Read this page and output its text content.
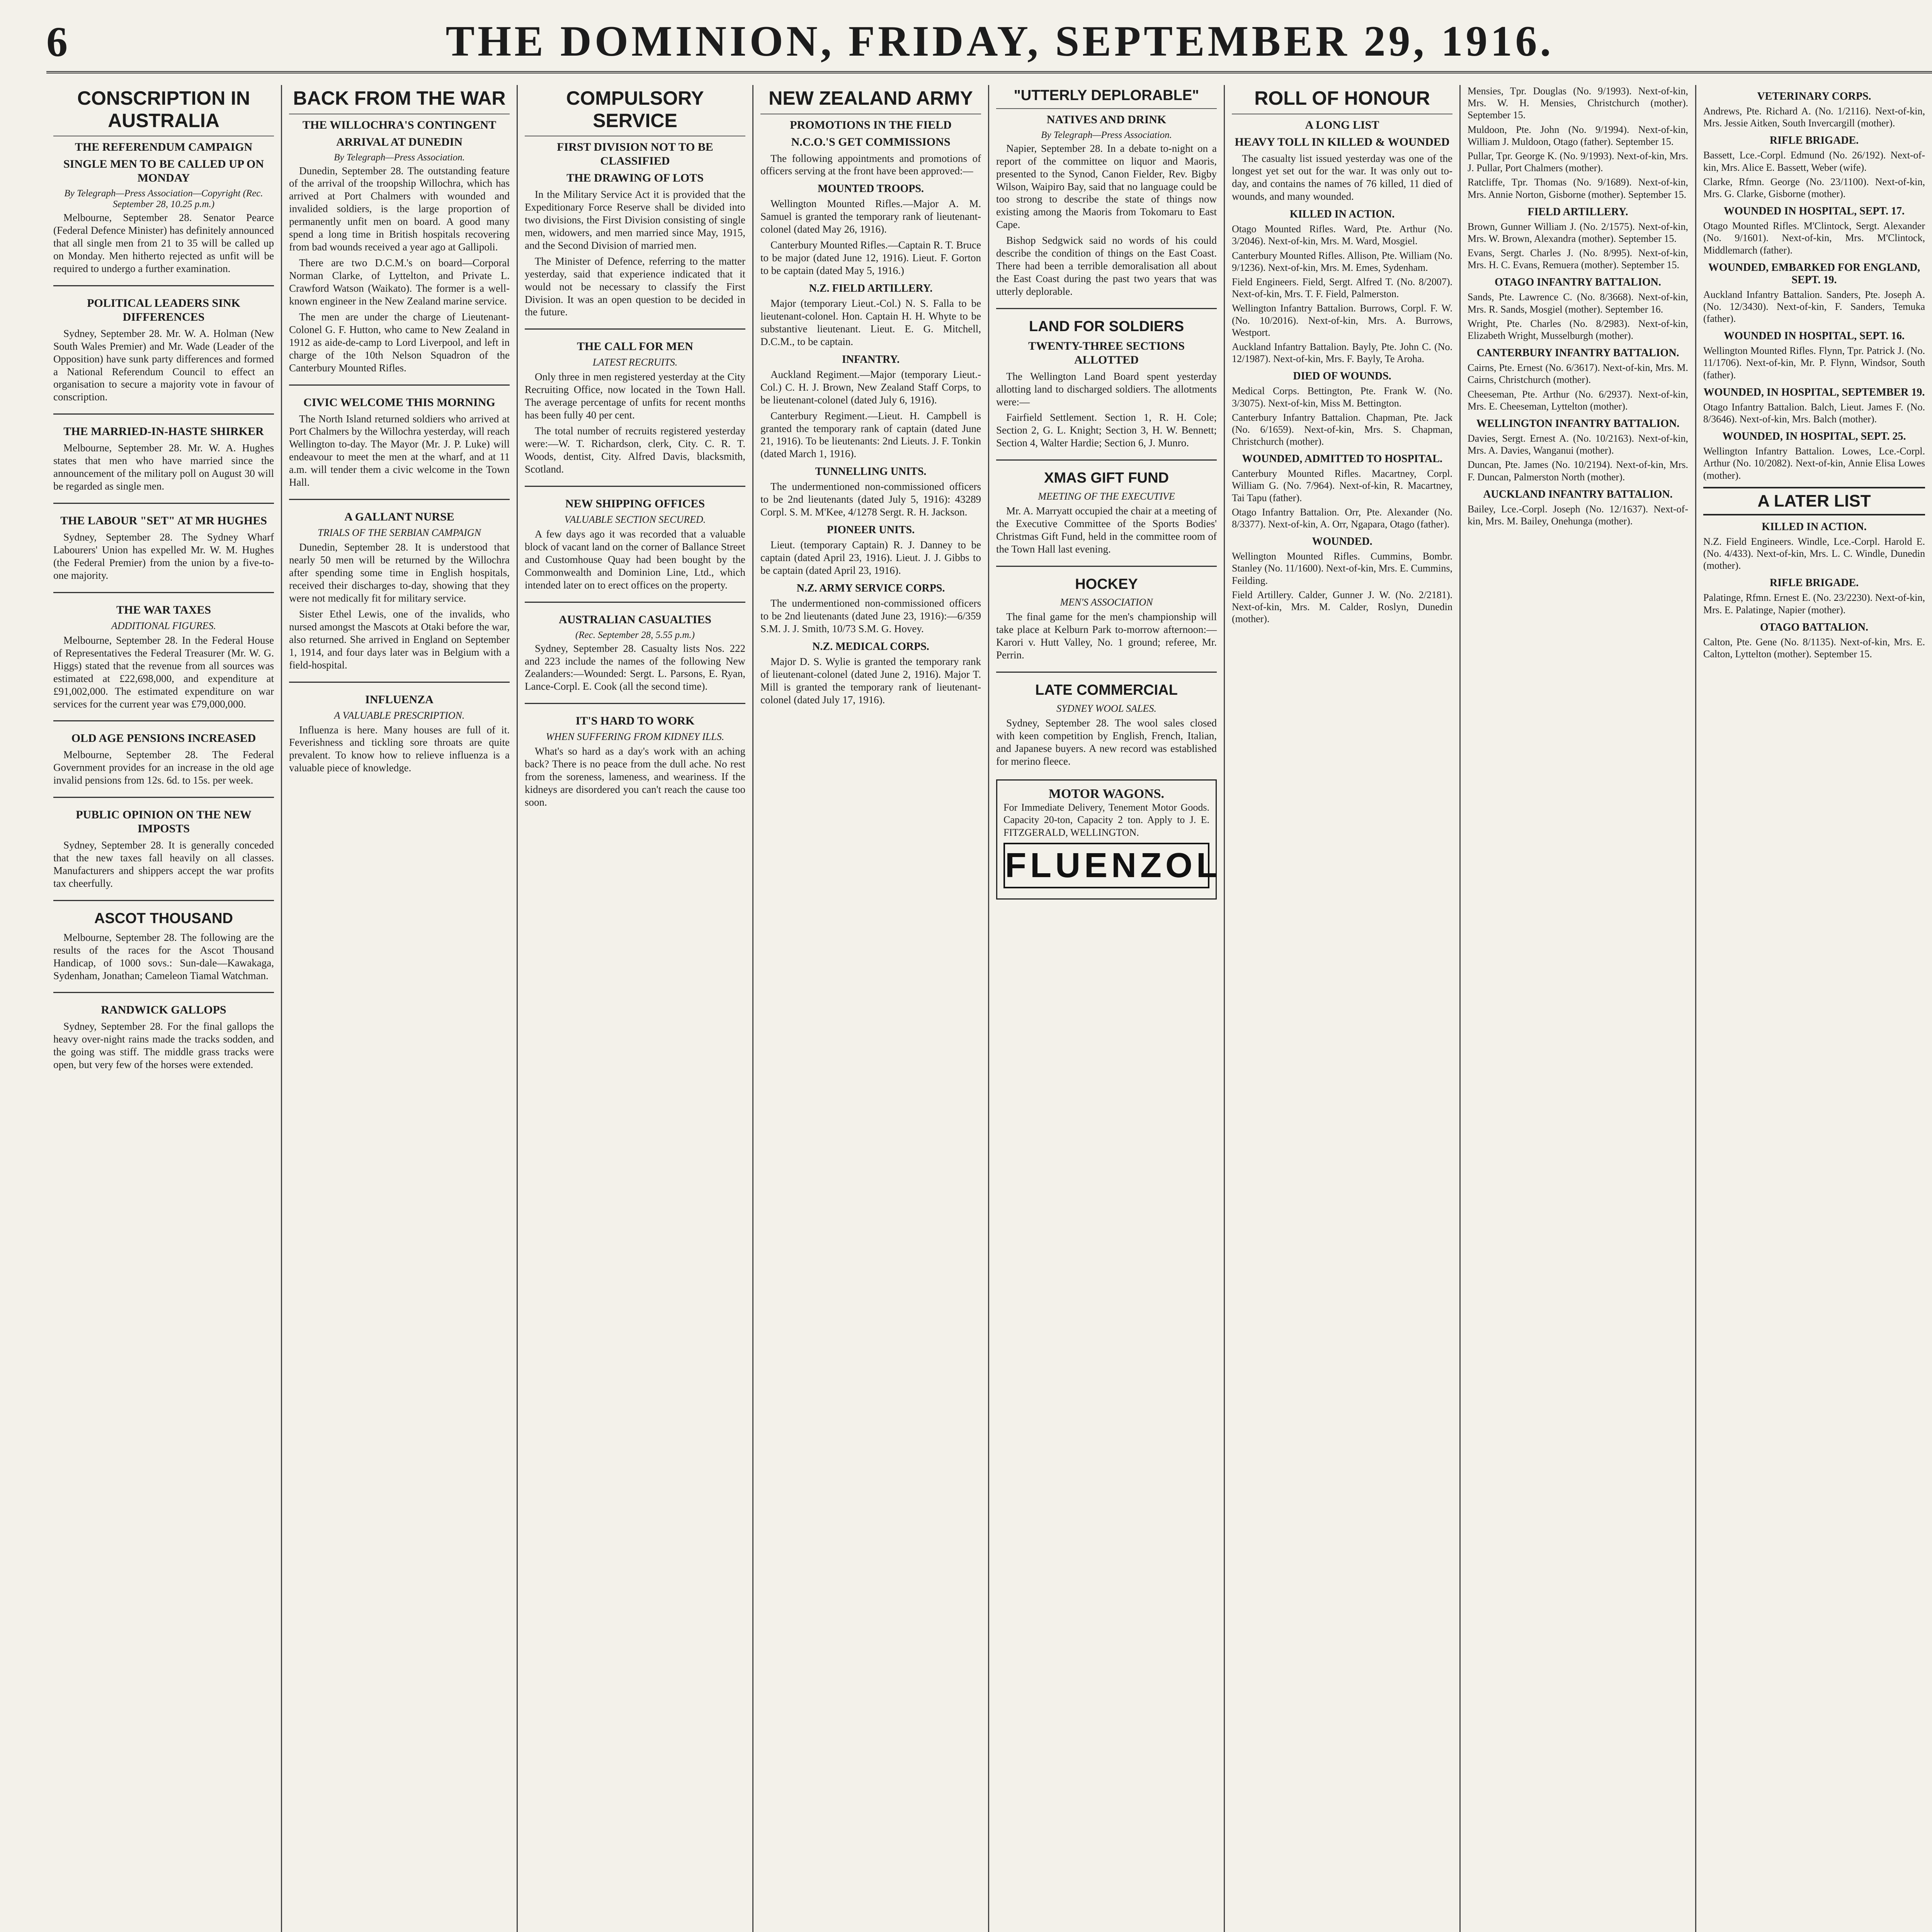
6	THE DOMINION, FRIDAY, SEPTEMBER 29, 1916.
CONSCRIPTION IN AUSTRALIA
THE REFERENDUM CAMPAIGN
SINGLE MEN TO BE CALLED UP ON MONDAY
By Telegraph—Press Association—Copyright (Rec. September 28, 10.25 p.m.)

Melbourne, September 28. Senator Pearce (Federal Defence Minister) has definitely announced that all single men from 21 to 35 will be called up on Monday. Men hitherto rejected as unfit will be required to undergo a further examination.

POLITICAL LEADERS SINK DIFFERENCES

Sydney, September 28. Mr. W. A. Holman (New South Wales Premier) and Mr. Wade (Leader of the Opposition) have sunk party differences and formed a National Referendum Council to effect an organisation to secure a majority vote in favour of conscription.

THE MARRIED-IN-HASTE SHIRKER

Melbourne, September 28. Mr. W. A. Hughes states that men who have married since the announcement of the military poll on August 30 will be regarded as single men.

THE LABOUR "SET" AT MR HUGHES

Sydney, September 28. The Sydney Wharf Labourers' Union has expelled Mr. W. M. Hughes (the Federal Premier) from the union by a five-to-one majority.

THE WAR TAXES
ADDITIONAL FIGURES.

Melbourne, September 28. In the Federal House of Representatives the Federal Treasurer (Mr. W. G. Higgs) stated that the revenue from all sources was estimated at £22,698,000, and expenditure at £91,002,000. The estimated expenditure on war services for the current year was £79,000,000.

OLD AGE PENSIONS INCREASED

Melbourne, September 28. The Federal Government provides for an increase in the old age invalid pensions from 12s. 6d. to 15s. per week.

PUBLIC OPINION ON THE NEW IMPOSTS

Sydney, September 28. It is generally conceded that the new taxes fall heavily on all classes. Manufacturers and shippers accept the war profits tax cheerfully.

ASCOT THOUSAND

Melbourne, September 28. The following are the results of the races for the Ascot Thousand Handicap, of 1000 sovs.: Sun-dale—Kawakaga, Sydenham, Jonathan; Cameleon Tiamal Watchman.

RANDWICK GALLOPS

Sydney, September 28. For the final gallops the heavy over-night rains made the tracks sodden, and the going was stiff. The middle grass tracks were open, but very few of the horses were extended.

BACK FROM THE WAR
THE WILLOCHRA'S CONTINGENT
ARRIVAL AT DUNEDIN
By Telegraph—Press Association.

Dunedin, September 28. The outstanding feature of the arrival of the troopship Willochra, which has arrived at Port Chalmers with wounded and invalided soldiers, is the large proportion of permanently unfit men on board. A good many spend a long time in British hospitals recovering from bad wounds received a year ago at Gallipoli.

There are two D.C.M.'s on board—Corporal Norman Clarke, of Lyttelton, and Private L. Crawford Watson (Waikato). The former is a well-known engineer in the New Zealand marine service.

The men are under the charge of Lieutenant-Colonel G. F. Hutton, who came to New Zealand in 1912 as aide-de-camp to Lord Liverpool, and left in charge of the 10th Nelson Squadron of the Canterbury Mounted Rifles.

CIVIC WELCOME THIS MORNING

The North Island returned soldiers who arrived at Port Chalmers by the Willochra yesterday, will reach Wellington to-day. The Mayor (Mr. J. P. Luke) will endeavour to meet the men at the wharf, and at 11 a.m. will tender them a civic welcome in the Town Hall.

A GALLANT NURSE
TRIALS OF THE SERBIAN CAMPAIGN

Dunedin, September 28. It is understood that nearly 50 men will be returned by the Willochra after spending some time in English hospitals, received their discharges to-day, showing that they were not medically fit for military service.

Sister Ethel Lewis, one of the invalids, who nursed amongst the Mascots at Otaki before the war, also returned. She arrived in England on September 1, 1914, and four days later was in Belgium with a field-hospital.

INFLUENZA
A VALUABLE PRESCRIPTION.

Influenza is here. Many houses are full of it. Feverishness and tickling sore throats are quite prevalent. To know how to relieve influenza is a valuable piece of knowledge.

COMPULSORY SERVICE
FIRST DIVISION NOT TO BE CLASSIFIED
THE DRAWING OF LOTS

In the Military Service Act it is provided that the Expeditionary Force Reserve shall be divided into two divisions, the First Division consisting of single men, widowers, and men married since May, 1915, and the Second Division of married men.

The Minister of Defence, referring to the matter yesterday, said that experience indicated that it would not be necessary to classify the First Division. It was an open question to be decided in the future.

THE CALL FOR MEN
LATEST RECRUITS.

Only three in men registered yesterday at the City Recruiting Office, now located in the Town Hall. The average percentage of unfits for recent months has been fully 40 per cent.

The total number of recruits registered yesterday were:—W. T. Richardson, clerk, City. C. R. T. Woods, dentist, City. Alfred Davis, blacksmith, Scotland.

NEW SHIPPING OFFICES
VALUABLE SECTION SECURED.

A few days ago it was recorded that a valuable block of vacant land on the corner of Ballance Street and Customhouse Quay had been bought by the Commonwealth and Dominion Line, Ltd., which intended later on to erect offices on the property.

AUSTRALIAN CASUALTIES
(Rec. September 28, 5.55 p.m.)

Sydney, September 28. Casualty lists Nos. 222 and 223 include the names of the following New Zealanders:—Wounded: Sergt. L. Parsons, E. Ryan, Lance-Corpl. E. Cook (all the second time).

IT'S HARD TO WORK
WHEN SUFFERING FROM KIDNEY ILLS.

What's so hard as a day's work with an aching back? There is no peace from the dull ache. No rest from the soreness, lameness, and weariness. If the kidneys are disordered you can't reach the cause too soon.

NEW ZEALAND ARMY
PROMOTIONS IN THE FIELD
N.C.O.'S GET COMMISSIONS

The following appointments and promotions of officers serving at the front have been approved:—

MOUNTED TROOPS.

Wellington Mounted Rifles.—Major A. M. Samuel is granted the temporary rank of lieutenant-colonel (dated May 26, 1916).

Canterbury Mounted Rifles.—Captain R. T. Bruce to be major (dated June 12, 1916). Lieut. F. Gorton to be captain (dated May 5, 1916.)

N.Z. FIELD ARTILLERY.

Major (temporary Lieut.-Col.) N. S. Falla to be lieutenant-colonel. Hon. Captain H. H. Whyte to be substantive lieutenant. Lieut. E. G. Mitchell, D.C.M., to be captain.

INFANTRY.

Auckland Regiment.—Major (temporary Lieut.-Col.) C. H. J. Brown, New Zealand Staff Corps, to be lieutenant-colonel (dated July 6, 1916).

Canterbury Regiment.—Lieut. H. Campbell is granted the temporary rank of captain (dated June 21, 1916). To be lieutenants: 2nd Lieuts. J. F. Tonkin (dated March 1, 1916).

TUNNELLING UNITS.

The undermentioned non-commissioned officers to be 2nd lieutenants (dated July 5, 1916): 43289 Corpl. S. M. M'Kee, 4/1278 Sergt. R. H. Jackson.

PIONEER UNITS.

Lieut. (temporary Captain) R. J. Danney to be captain (dated April 23, 1916). Lieut. J. J. Gibbs to be captain (dated April 23, 1916).

N.Z. ARMY SERVICE CORPS.

The undermentioned non-commissioned officers to be 2nd lieutenants (dated June 23, 1916):—6/359 S.M. J. J. Smith, 10/73 S.M. G. Hovey.

N.Z. MEDICAL CORPS.

Major D. S. Wylie is granted the temporary rank of lieutenant-colonel (dated June 2, 1916). Major T. Mill is granted the temporary rank of lieutenant-colonel (dated July 17, 1916).

"UTTERLY DEPLORABLE"
NATIVES AND DRINK
By Telegraph—Press Association.

Napier, September 28. In a debate to-night on a report of the committee on liquor and Maoris, presented to the Synod, Canon Fielder, Rev. Bigby Wilson, Waipiro Bay, said that no language could be too strong to describe the state of things now existing among the Maoris from Tokomaru to East Cape.

Bishop Sedgwick said no words of his could describe the condition of things on the East Coast. There had been a terrible demoralisation all about the East Coast during the past two years that was utterly deplorable.

LAND FOR SOLDIERS
TWENTY-THREE SECTIONS ALLOTTED

The Wellington Land Board spent yesterday allotting land to discharged soldiers. The allotments were:—

Fairfield Settlement. Section 1, R. H. Cole; Section 2, G. L. Knight; Section 3, H. W. Bennett; Section 4, Walter Hardie; Section 6, J. Munro.

XMAS GIFT FUND
MEETING OF THE EXECUTIVE

Mr. A. Marryatt occupied the chair at a meeting of the Executive Committee of the Sports Bodies' Christmas Gift Fund, held in the committee room of the Town Hall last evening.

HOCKEY
MEN'S ASSOCIATION

The final game for the men's championship will take place at Kelburn Park to-morrow afternoon:—Karori v. Hutt Valley, No. 1 ground; referee, Mr. Perrin.

LATE COMMERCIAL
SYDNEY WOOL SALES.

Sydney, September 28. The wool sales closed with keen competition by English, French, Italian, and Japanese buyers. A new record was established for merino fleece.

MOTOR WAGONS.
For Immediate Delivery, Tenement Motor Goods. Capacity 20-ton, Capacity 2 ton. Apply to J. E. FITZGERALD, WELLINGTON.
FLUENZOL
ROLL OF HONOUR
A LONG LIST
HEAVY TOLL IN KILLED & WOUNDED

The casualty list issued yesterday was one of the longest yet set out for the war. It was only out to-day, and contains the names of 76 killed, 11 died of wounds, and many wounded.

KILLED IN ACTION.
Otago Mounted Rifles. Ward, Pte. Arthur (No. 3/2046). Next-of-kin, Mrs. M. Ward, Mosgiel.
Canterbury Mounted Rifles. Allison, Pte. William (No. 9/1236). Next-of-kin, Mrs. M. Emes, Sydenham.
Field Engineers. Field, Sergt. Alfred T. (No. 8/2007). Next-of-kin, Mrs. T. F. Field, Palmerston.
Wellington Infantry Battalion. Burrows, Corpl. F. W. (No. 10/2016). Next-of-kin, Mrs. A. Burrows, Westport.
Auckland Infantry Battalion. Bayly, Pte. John C. (No. 12/1987). Next-of-kin, Mrs. F. Bayly, Te Aroha.
DIED OF WOUNDS.
Medical Corps. Bettington, Pte. Frank W. (No. 3/3075). Next-of-kin, Miss M. Bettington.
Canterbury Infantry Battalion. Chapman, Pte. Jack (No. 6/1659). Next-of-kin, Mrs. S. Chapman, Christchurch (mother).
WOUNDED, ADMITTED TO HOSPITAL.
Canterbury Mounted Rifles. Macartney, Corpl. William G. (No. 7/964). Next-of-kin, R. Macartney, Tai Tapu (father).
Otago Infantry Battalion. Orr, Pte. Alexander (No. 8/3377). Next-of-kin, A. Orr, Ngapara, Otago (father).
WOUNDED.
Wellington Mounted Rifles. Cummins, Bombr. Stanley (No. 11/1600). Next-of-kin, Mrs. E. Cummins, Feilding.
Field Artillery. Calder, Gunner J. W. (No. 2/2181). Next-of-kin, Mrs. M. Calder, Roslyn, Dunedin (mother).
Mensies, Tpr. Douglas (No. 9/1993). Next-of-kin, Mrs. W. H. Mensies, Christchurch (mother). September 15.
Muldoon, Pte. John (No. 9/1994). Next-of-kin, William J. Muldoon, Otago (father). September 15.
Pullar, Tpr. George K. (No. 9/1993). Next-of-kin, Mrs. J. Pullar, Port Chalmers (mother).
Ratcliffe, Tpr. Thomas (No. 9/1689). Next-of-kin, Mrs. Annie Norton, Gisborne (mother). September 15.
FIELD ARTILLERY.
Brown, Gunner William J. (No. 2/1575). Next-of-kin, Mrs. W. Brown, Alexandra (mother). September 15.
Evans, Sergt. Charles J. (No. 8/995). Next-of-kin, Mrs. H. C. Evans, Remuera (mother). September 15.
OTAGO INFANTRY BATTALION.
Sands, Pte. Lawrence C. (No. 8/3668). Next-of-kin, Mrs. R. Sands, Mosgiel (mother). September 16.
Wright, Pte. Charles (No. 8/2983). Next-of-kin, Elizabeth Wright, Musselburgh (mother).
CANTERBURY INFANTRY BATTALION.
Cairns, Pte. Ernest (No. 6/3617). Next-of-kin, Mrs. M. Cairns, Christchurch (mother).
Cheeseman, Pte. Arthur (No. 6/2937). Next-of-kin, Mrs. E. Cheeseman, Lyttelton (mother).
WELLINGTON INFANTRY BATTALION.
Davies, Sergt. Ernest A. (No. 10/2163). Next-of-kin, Mrs. A. Davies, Wanganui (mother).
Duncan, Pte. James (No. 10/2194). Next-of-kin, Mrs. F. Duncan, Palmerston North (mother).
AUCKLAND INFANTRY BATTALION.
Bailey, Lce.-Corpl. Joseph (No. 12/1637). Next-of-kin, Mrs. M. Bailey, Onehunga (mother).
VETERINARY CORPS.
Andrews, Pte. Richard A. (No. 1/2116). Next-of-kin, Mrs. Jessie Aitken, South Invercargill (mother).
RIFLE BRIGADE.
Bassett, Lce.-Corpl. Edmund (No. 26/192). Next-of-kin, Mrs. Alice E. Bassett, Weber (wife).
Clarke, Rfmn. George (No. 23/1100). Next-of-kin, Mrs. G. Clarke, Gisborne (mother).
WOUNDED IN HOSPITAL, SEPT. 17.
Otago Mounted Rifles. M'Clintock, Sergt. Alexander (No. 9/1601). Next-of-kin, Mrs. M'Clintock, Middlemarch (father).
WOUNDED, EMBARKED FOR ENGLAND, SEPT. 19.
Auckland Infantry Battalion. Sanders, Pte. Joseph A. (No. 12/3430). Next-of-kin, F. Sanders, Temuka (father).
WOUNDED IN HOSPITAL, SEPT. 16.
Wellington Mounted Rifles. Flynn, Tpr. Patrick J. (No. 11/1706). Next-of-kin, Mr. P. Flynn, Windsor, South (father).
WOUNDED, IN HOSPITAL, SEPTEMBER 19.
Otago Infantry Battalion. Balch, Lieut. James F. (No. 8/3646). Next-of-kin, Mrs. Balch (mother).
WOUNDED, IN HOSPITAL, SEPT. 25.
Wellington Infantry Battalion. Lowes, Lce.-Corpl. Arthur (No. 10/2082). Next-of-kin, Annie Elisa Lowes (mother).
A LATER LIST
KILLED IN ACTION.
N.Z. Field Engineers. Windle, Lce.-Corpl. Harold E. (No. 4/433). Next-of-kin, Mrs. L. C. Windle, Dunedin (mother).
RIFLE BRIGADE.
Palatinge, Rfmn. Ernest E. (No. 23/2230). Next-of-kin, Mrs. E. Palatinge, Napier (mother).
OTAGO BATTALION.
Calton, Pte. Gene (No. 8/1135). Next-of-kin, Mrs. E. Calton, Lyttelton (mother). September 15.
